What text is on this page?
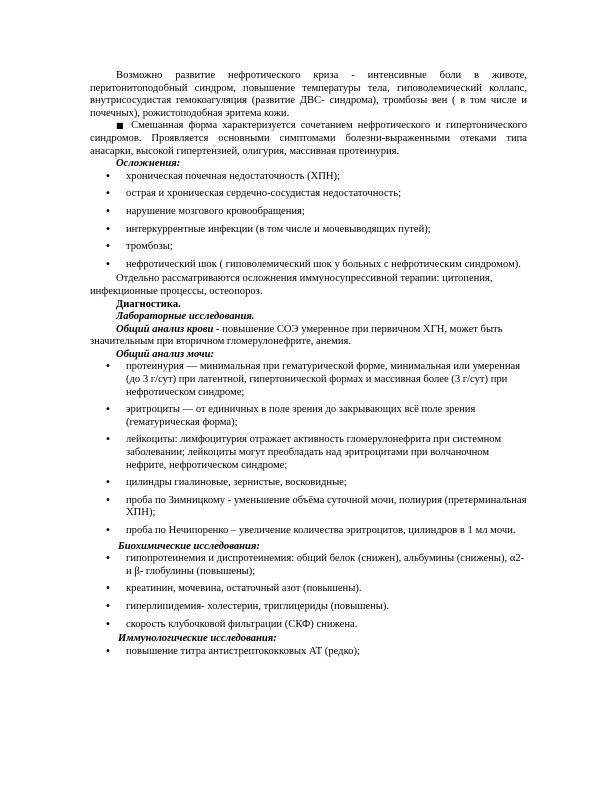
Возможно развитие нефротического криза - интенсивные боли в животе, перитонитоподобный синдром, повышение температуры тела, гиповолемический коллапс, внутрисосудистая гемокоагуляция (развитие ДВС- синдрома), тромбозы вен ( в том числе и почечных), рожистоподобная эритема кожи.

■ Смешанная форма характеризуется сочетанием нефротического и гипертонического синдромов. Проявляется основными симптомами болезни-выраженными отеками типа анасарки, высокой гипертензией, олигурия, массивная протеинурия.

Осложнения:

• хроническая почечная недостаточность (ХПН);
• острая и хроническая сердечно-сосудистая недостаточность;
• нарушение мозгового кровообращения;
• интеркуррентные инфекции (в том числе и мочевыводящих путей);
• тромбозы;
• нефротический шок ( гиповолемический шок у больных с нефротическим синдромом).

Отдельно рассматриваются осложнения иммуносупрессивной терапии: цитопения, инфекционные процессы, остеопороз.

Диагностика.

Лабораторные исследования.

Общий анализ крови - повышение СОЭ умеренное при первичном ХГН, может быть значительным при вторичном гломерулонефрите, анемия.

Общий анализ мочи:

• протеинурия — минимальная при гематурической форме, минимальная или умеренная (до 3 г/сут) при латентной, гипертонической формах и массивная более (3 г/сут) при нефротическом синдроме;
• эритроциты — от единичных в поле зрения до закрывающих всё поле зрения (гематурическая форма);
• лейкоциты: лимфоцитурия отражает активность гломерулонефрита при системном заболевании; лейкоциты могут преобладать над эритроцитами при волчаночном нефрите, нефротическом синдроме;
• цилиндры гиалиновые, зернистые, восковидные;
• проба по Зимницкому - уменьшение объёма суточной мочи, полиурия (претерминальная ХПН);
• проба по Нечипоренко – увеличение количества эритроцитов, цилиндров в 1 мл мочи.

Биохимические исследования:

• гипопротеинемия и диспротеинемия: общий белок (снижен), альбумины (снижены), α2- и β- глобулины (повышены);
• креатинин, мочевина, остаточный азот (повышены).
• гиперлипидемия- холестерин, триглицериды (повышены).
• скорость клубочковой фильтрации (СКФ) снижена.

Иммунологические исследования:

• повышение титра антистрептококковых АТ (редко);
